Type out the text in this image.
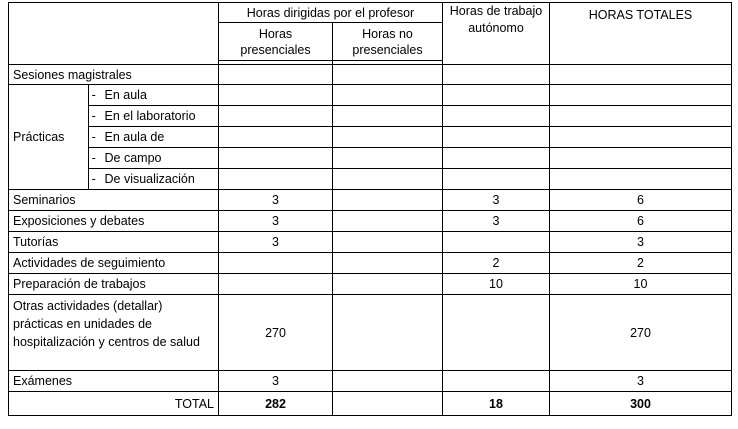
			Horas dirigidas por el profesor		Horas de trabajo autónomo	HORAS TOTALES
			Horas presenciales	Horas no presenciales		

Sesiones magistrales						
Prácticas	-	En aula				
	-	En el laboratorio				
	-	En aula de				
	-	De campo				
	-	De visualización				
Seminarios			3		3	6
Exposiciones y debates			3		3	6
Tutorías			3			3
Actividades de seguimiento					2	2
Preparación de trabajos					10	10
Otras actividades (detallar) prácticas en unidades de hospitalización y centros de salud			270			270
Exámenes			3			3
TOTAL			282		18	300
